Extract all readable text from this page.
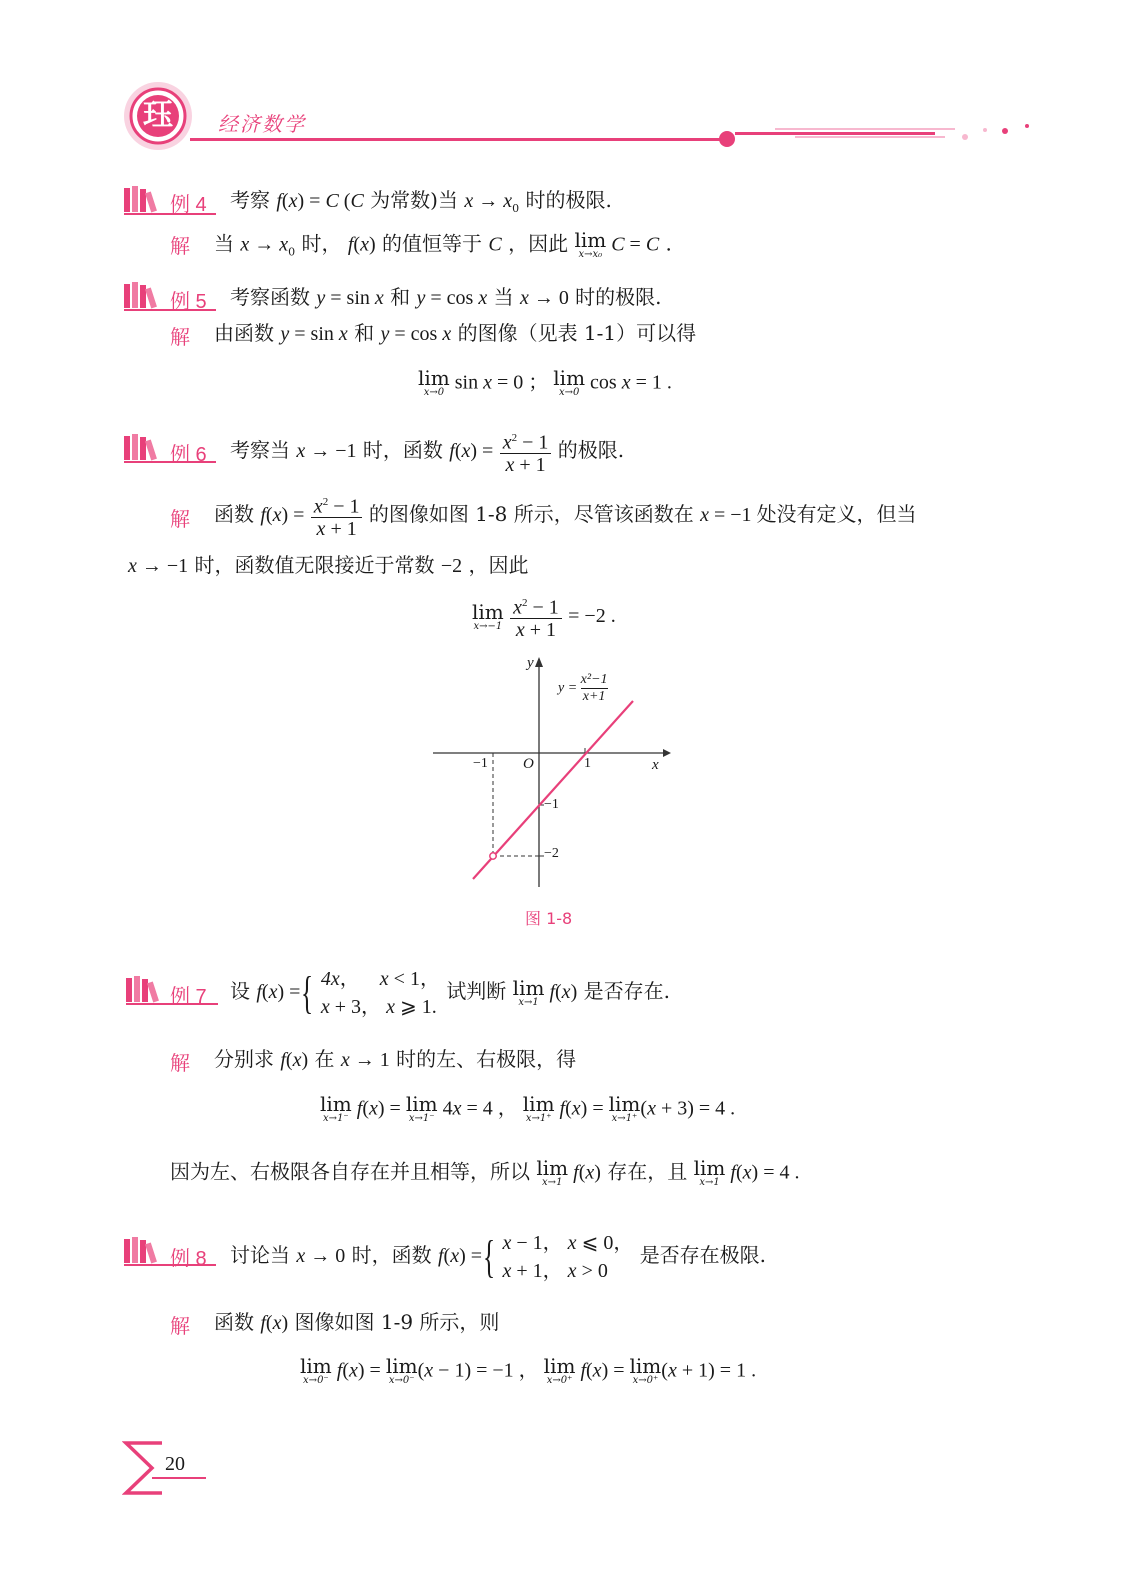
珏	经济数学
例 4 考察 f(x) = C (C 为常数)当 $x \to x_0$ 时的极限.
解 当 $x \to x_0$ 时， f(x) 的值恒等于 C ，因此 lim
x→x₀ C = C .
例 5 考察函数 y = sin x 和 y = cos x 当 x → 0 时的极限.
解 由函数 y = sin x 和 y = cos x 的图像（见表 1-1）可以得
lim
x→0 sin x = 0 ； lim
x→0 cos x = 1 .
例 6 考察当 x → −1 时，函数 $f(x) = \frac{x^2 - 1}{x + 1}$ 的极限.
解 函数 $f(x) = \frac{x^2 - 1}{x + 1}$ 的图像如图 1-8 所示，尽管该函数在 x = −1 处没有定义，但当
x → −1 时，函数值无限接近于常数 −2 ，因此
lim
x→−1
$\frac{x^2 - 1}{x + 1} = -2$ .
y
x
O
−1	1
−1
−2
$y = \frac{\text{x²−1}}{x+1}$
图 1-8
例 7 设 f(x) ={ 4x，    x < 1，
x + 3， x ⩾ 1.
试判断 lim
x→1 f(x) 是否存在.
解 分别求 f(x) 在 x → 1 时的左、右极限，得
lim
x→1⁻ f(x) = lim
x→1⁻ 4x = 4 ， lim
x→1⁺ f(x) = lim
x→1⁺ (x + 3) = 4 .
因为左、右极限各自存在并且相等，所以 lim
x→1 f(x) 存在，且 lim
x→1 f(x) = 4 .
例 8 讨论当 x → 0 时，函数 f(x) ={ x − 1， x ⩽ 0，
x + 1， x > 0
是否存在极限.
解 函数 f(x) 图像如图 1-9 所示，则
lim
x→0⁻ f(x) = lim
x→0⁻ (x − 1) = −1 ， lim
x→0⁺ f(x) = lim
x→0⁺ (x + 1) = 1 .
20
